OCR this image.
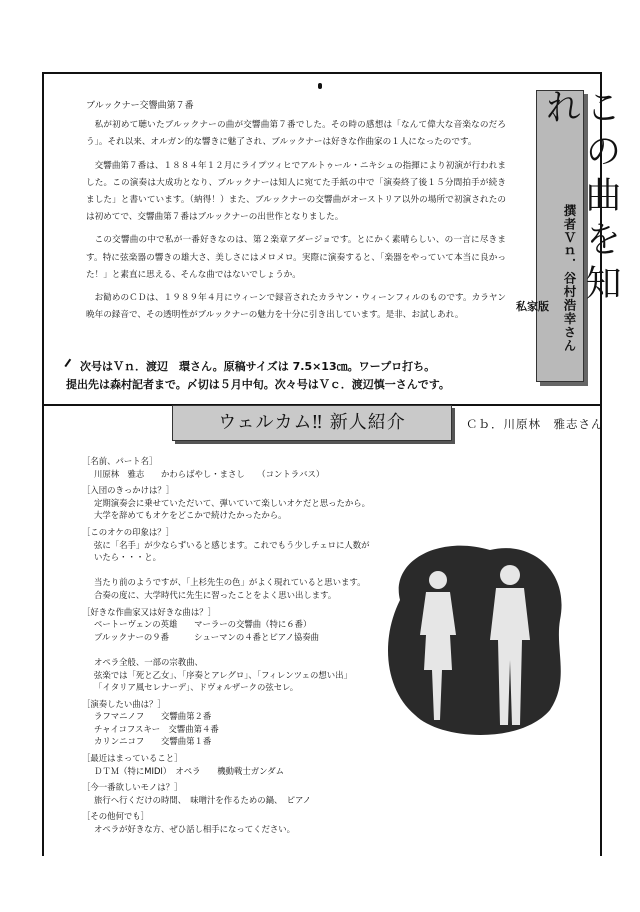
ブルックナー交響曲第７番

私が初めて聴いたブルックナーの曲が交響曲第７番でした。その時の感想は「なんて偉大な音楽なのだろう」。それ以来、オルガン的な響きに魅了され、ブルックナーは好きな作曲家の１人になったのです。

交響曲第７番は、１８８４年１２月にライプツィヒでアルトゥール・ニキシュの指揮により初演が行われました。この演奏は大成功となり、ブルックナーは知人に宛てた手紙の中で「演奏終了後１５分間拍手が続きました」と書いています。（納得！）また、ブルックナーの交響曲がオーストリア以外の場所で初演されたのは初めてで、交響曲第７番はブルックナーの出世作となりました。

この交響曲の中で私が一番好きなのは、第２楽章アダージョです。とにかく素晴らしい、の一言に尽きます。特に弦楽器の響きの雄大さ、美しさにはメロメロ。実際に演奏すると、「楽器をやっていて本当に良かった！」と素直に思える、そんな曲ではないでしょうか。

お勧めのＣＤは、１９８９年４月にウィーンで録音されたカラヤン・ウィーンフィルのものです。カラヤン晩年の録音で、その透明性がブルックナーの魅力を十分に引き出しています。是非、お試しあれ。

この曲を知れ
私家版 撰者Ｖｎ．谷村浩幸さん
次号はＶｎ．渡辺　環さん。原稿サイズは 7.5×13㎝。ワープロ打ち。
提出先は森村記者まで。〆切は５月中旬。次々号はＶｃ．渡辺慎一さんです。
ウェルカム‼ 新人紹介	Ｃｂ．川原林　雅志さん

［名前、パート名］

川原林　雅志　　かわらばやし・まさし　　（コントラバス）

［入団のきっかけは？］

定期演奏会に乗せていただいて、弾いていて楽しいオケだと思ったから。

大学を辞めてもオケをどこかで続けたかったから。

［このオケの印象は？］

弦に「名手」が少ならずいると感じます。これでもう少しチェロに人数が

いたら・・・と。

当たり前のようですが、「上杉先生の色」がよく現れていると思います。

合奏の度に、大学時代に先生に習ったことをよく思い出します。

［好きな作曲家又は好きな曲は？］

ベートーヴェンの英雄　　マーラーの交響曲（特に６番）

ブルックナーの９番　　　シューマンの４番とピアノ協奏曲

オペラ全般、一部の宗教曲、

弦楽では「死と乙女」、「序奏とアレグロ」、「フィレンツェの想い出」

「イタリア風セレナーデ」、ドヴォルザークの弦セレ。

［演奏したい曲は？］

ラフマニノフ　　交響曲第２番

チャイコフスキー　交響曲第４番

カリンニコフ　　交響曲第１番

［最近はまっていること］

ＤＴＭ（特にMIDI）　オペラ　　機動戦士ガンダム

［今一番欲しいモノは？］

旅行へ行くだけの時間、　味噌汁を作るための鍋、　ピアノ

［その他何でも］

オペラが好きな方、ぜひ話し相手になってください。
